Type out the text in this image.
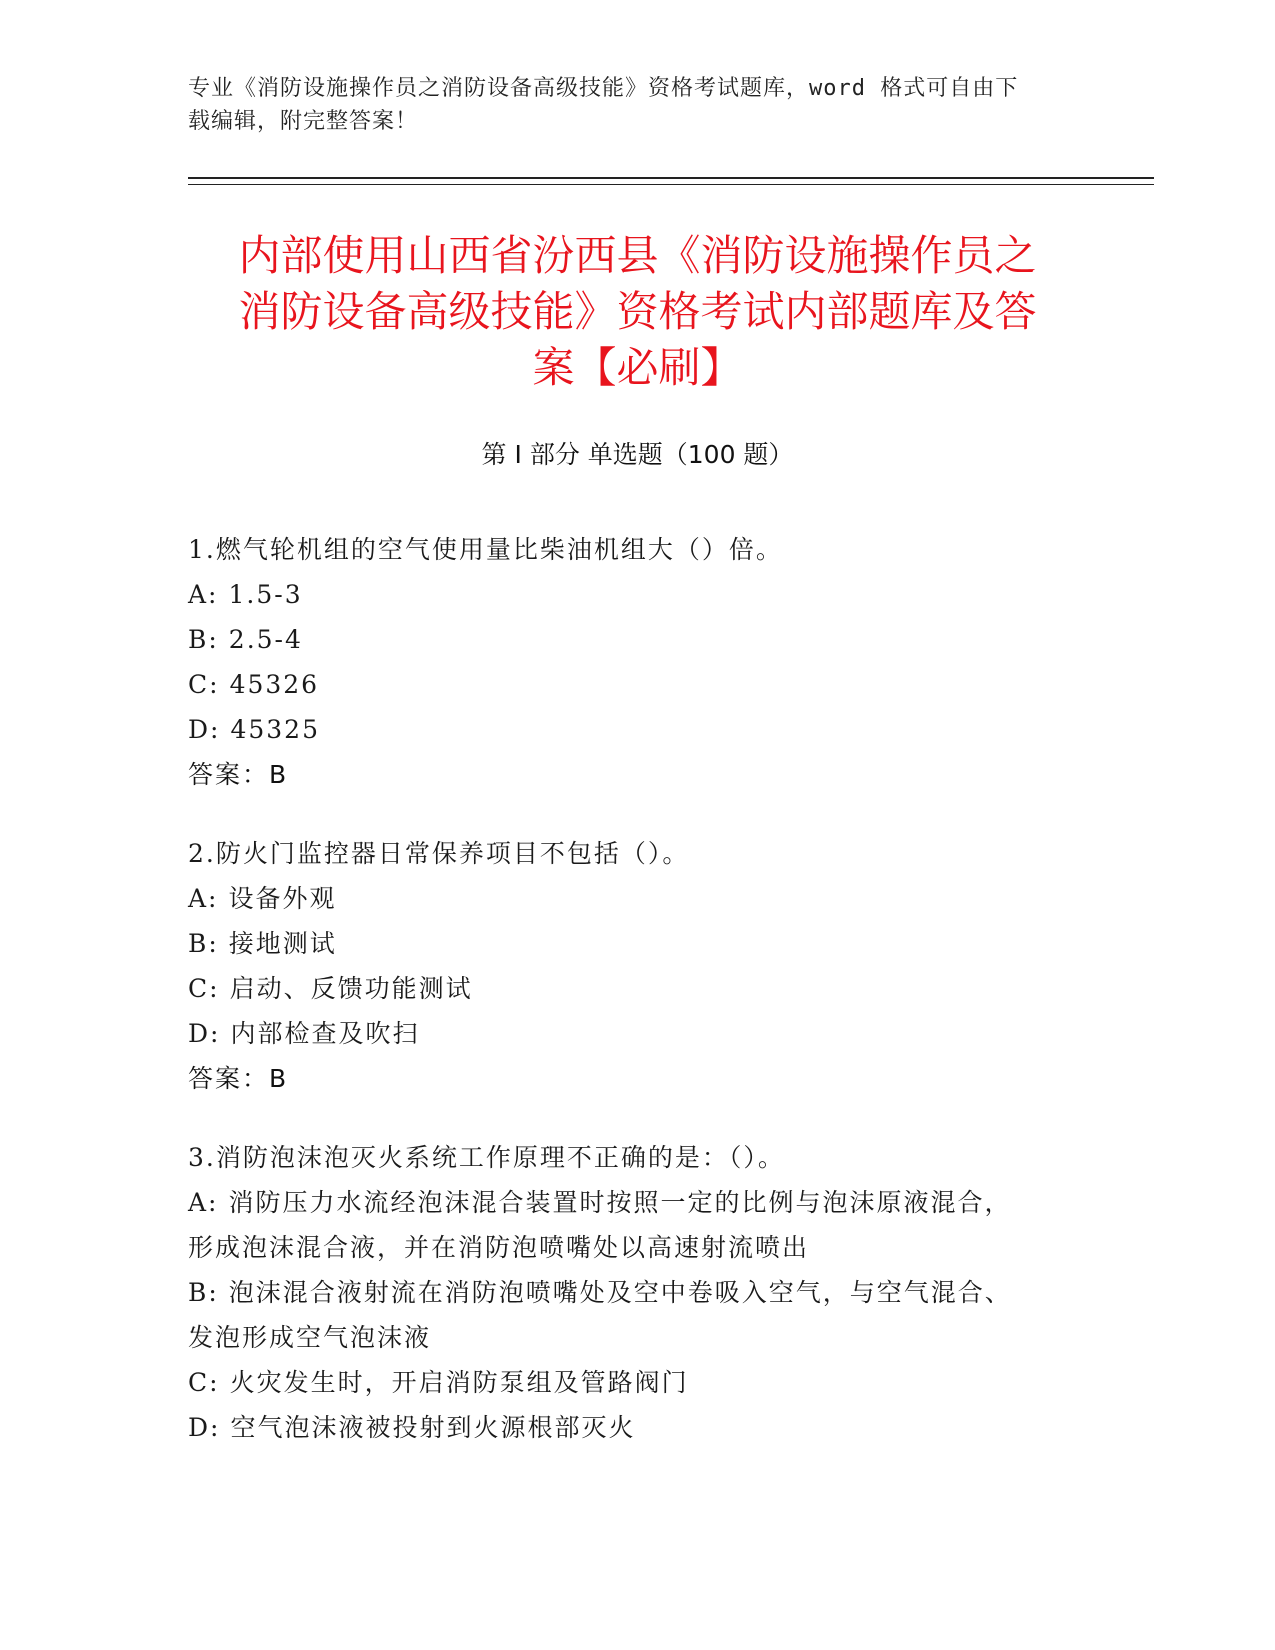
专业《消防设施操作员之消防设备高级技能》资格考试题库，word 格式可自由下
载编辑，附完整答案！
内部使用山西省汾西县《消防设施操作员之
消防设备高级技能》资格考试内部题库及答
案【必刷】
第 I 部分 单选题（100 题）

1.燃气轮机组的空气使用量比柴油机组大（）倍。

A: 1.5-3

B: 2.5-4

C: 45326

D: 45325

答案：B

2.防火门监控器日常保养项目不包括（）。

A: 设备外观

B: 接地测试

C: 启动、反馈功能测试

D: 内部检查及吹扫

答案：B

3.消防泡沫泡灭火系统工作原理不正确的是：（）。

A: 消防压力水流经泡沫混合装置时按照一定的比例与泡沫原液混合，

形成泡沫混合液，并在消防泡喷嘴处以高速射流喷出

B: 泡沫混合液射流在消防泡喷嘴处及空中卷吸入空气，与空气混合、

发泡形成空气泡沫液

C: 火灾发生时，开启消防泵组及管路阀门

D: 空气泡沫液被投射到火源根部灭火
